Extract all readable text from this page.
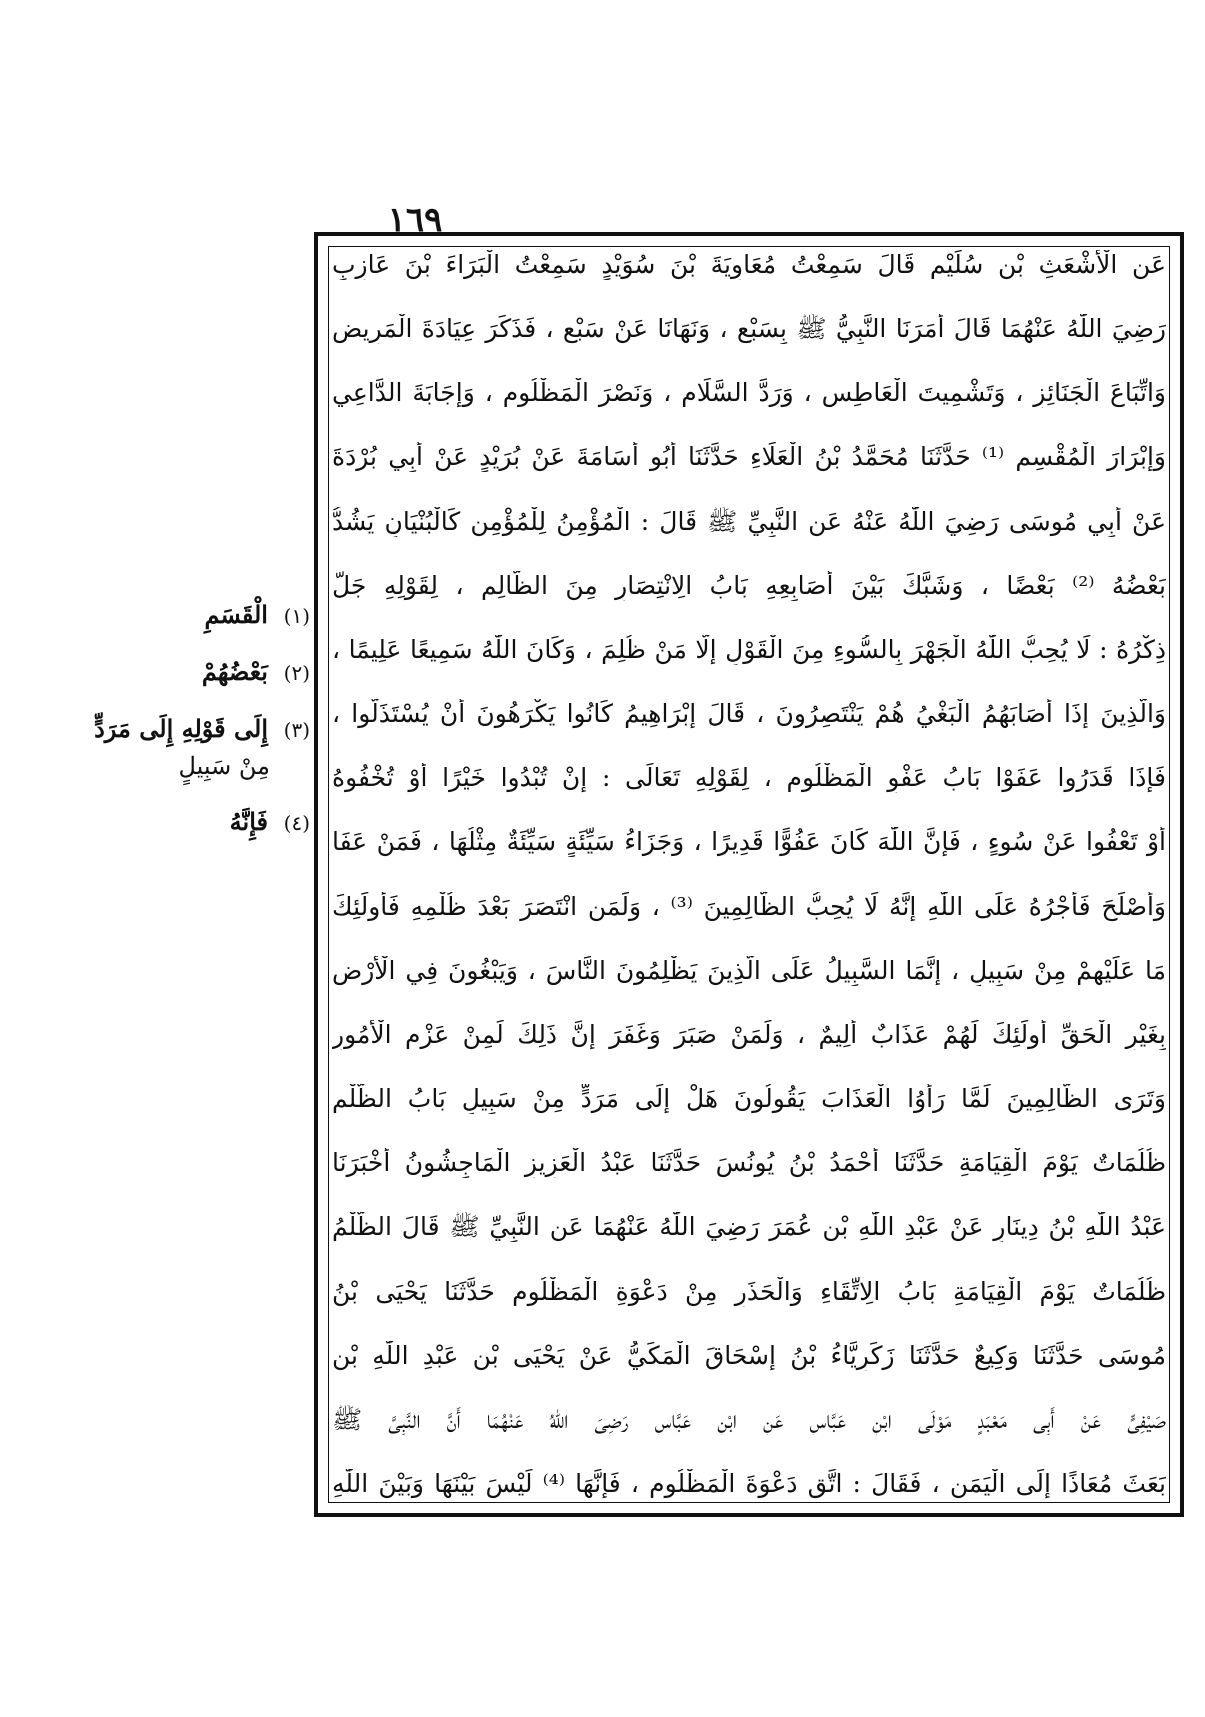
١٦٩
عَنِ الْأَشْعَثِ بْنِ سُلَيْمٍ قَالَ سَمِعْتُ مُعَاوِيَةَ بْنَ سُوَيْدٍ سَمِعْتُ الْبَرَاءَ بْنَ عَازِبٍ
رَضِيَ اللّٰهُ عَنْهُمَا قَالَ أَمَرَنَا النَّبِيُّ ﷺ بِسَبْعٍ ، وَنَهَانَا عَنْ سَبْعٍ ، فَذَكَرَ عِيَادَةَ الْمَرِيضِ
وَاتِّبَاعَ الْجَنَائِزِ ، وَتَشْمِيتَ الْعَاطِسِ ، وَرَدَّ السَّلَامِ ، وَنَصْرَ الْمَظْلُومِ ، وَإِجَابَةَ الدَّاعِي
وَإِبْرَارَ الْمُقْسِمِ ⁽¹⁾ حَدَّثَنَا مُحَمَّدُ بْنُ الْعَلَاءِ حَدَّثَنَا أَبُو أُسَامَةَ عَنْ بُرَيْدٍ عَنْ أَبِي بُرْدَةَ
عَنْ أَبِي مُوسَى رَضِيَ اللّٰهُ عَنْهُ عَنِ النَّبِيِّ ﷺ قَالَ : الْمُؤْمِنُ لِلْمُؤْمِنِ كَالْبُنْيَانِ يَشُدُّ
بَعْضُهُ ⁽²⁾ بَعْضًا ، وَشَبَّكَ بَيْنَ أَصَابِعِهِ بَابُ الِانْتِصَارِ مِنَ الظَّالِمِ ، لِقَوْلِهِ جَلَّ
ذِكْرُهُ : لَا يُحِبُّ اللّٰهُ الْجَهْرَ بِالسُّوءِ مِنَ الْقَوْلِ إِلَّا مَنْ ظُلِمَ ، وَكَانَ اللّٰهُ سَمِيعًا عَلِيمًا ،
وَالَّذِينَ إِذَا أَصَابَهُمُ الْبَغْيُ هُمْ يَنْتَصِرُونَ ، قَالَ إِبْرَاهِيمُ كَانُوا يَكْرَهُونَ أَنْ يُسْتَذَلُّوا ،
فَإِذَا قَدَرُوا عَفَوْا بَابُ عَفْوِ الْمَظْلُومِ ، لِقَوْلِهِ تَعَالَى : إِنْ تُبْدُوا خَيْرًا أَوْ تُخْفُوهُ
أَوْ تَعْفُوا عَنْ سُوءٍ ، فَإِنَّ اللّٰهَ كَانَ عَفُوًّا قَدِيرًا ، وَجَزَاءُ سَيِّئَةٍ سَيِّئَةٌ مِثْلُهَا ، فَمَنْ عَفَا
وَأَصْلَحَ فَأَجْرُهُ عَلَى اللّٰهِ إِنَّهُ لَا يُحِبُّ الظَّالِمِينَ ⁽³⁾ ، وَلَمَنِ انْتَصَرَ بَعْدَ ظُلْمِهِ فَأُولَئِكَ
مَا عَلَيْهِمْ مِنْ سَبِيلٍ ، إِنَّمَا السَّبِيلُ عَلَى الَّذِينَ يَظْلِمُونَ النَّاسَ ، وَيَبْغُونَ فِي الْأَرْضِ
بِغَيْرِ الْحَقِّ أُولَئِكَ لَهُمْ عَذَابٌ أَلِيمٌ ، وَلَمَنْ صَبَرَ وَغَفَرَ إِنَّ ذَلِكَ لَمِنْ عَزْمِ الْأُمُورِ
وَتَرَى الظَّالِمِينَ لَمَّا رَأَوُا الْعَذَابَ يَقُولُونَ هَلْ إِلَى مَرَدٍّ مِنْ سَبِيلٍ بَابُ الظُّلْمِ
ظُلُمَاتٌ يَوْمَ الْقِيَامَةِ حَدَّثَنَا أَحْمَدُ بْنُ يُونُسَ حَدَّثَنَا عَبْدُ الْعَزِيزِ الْمَاجِشُونُ أَخْبَرَنَا
عَبْدُ اللّٰهِ بْنُ دِينَارٍ عَنْ عَبْدِ اللّٰهِ بْنِ عُمَرَ رَضِيَ اللّٰهُ عَنْهُمَا عَنِ النَّبِيِّ ﷺ قَالَ الظُّلْمُ
ظُلُمَاتٌ يَوْمَ الْقِيَامَةِ بَابُ الِاتِّقَاءِ وَالْحَذَرِ مِنْ دَعْوَةِ الْمَظْلُومِ حَدَّثَنَا يَحْيَى بْنُ
مُوسَى حَدَّثَنَا وَكِيعٌ حَدَّثَنَا زَكَرِيَّاءُ بْنُ إِسْحَاقَ الْمَكِّيُّ عَنْ يَحْيَى بْنِ عَبْدِ اللّٰهِ بْنِ
صَيْفِيٍّ عَنْ أَبِي مَعْبَدٍ مَوْلَى ابْنِ عَبَّاسٍ عَنِ ابْنِ عَبَّاسٍ رَضِيَ اللّٰهُ عَنْهُمَا أَنَّ النَّبِيَّ ﷺ
بَعَثَ مُعَاذًا إِلَى الْيَمَنِ ، فَقَالَ : اتَّقِ دَعْوَةَ الْمَظْلُومِ ، فَإِنَّهَا ⁽⁴⁾ لَيْسَ بَيْنَهَا وَبَيْنَ اللّٰهِ
(١) الْقَسَمِ
(٢) بَعْضُهُمْ
(٣) إِلَى قَوْلِهِ إِلَى مَرَدٍّ
مِنْ سَبِيلٍ
(٤) فَإِنَّهُ
